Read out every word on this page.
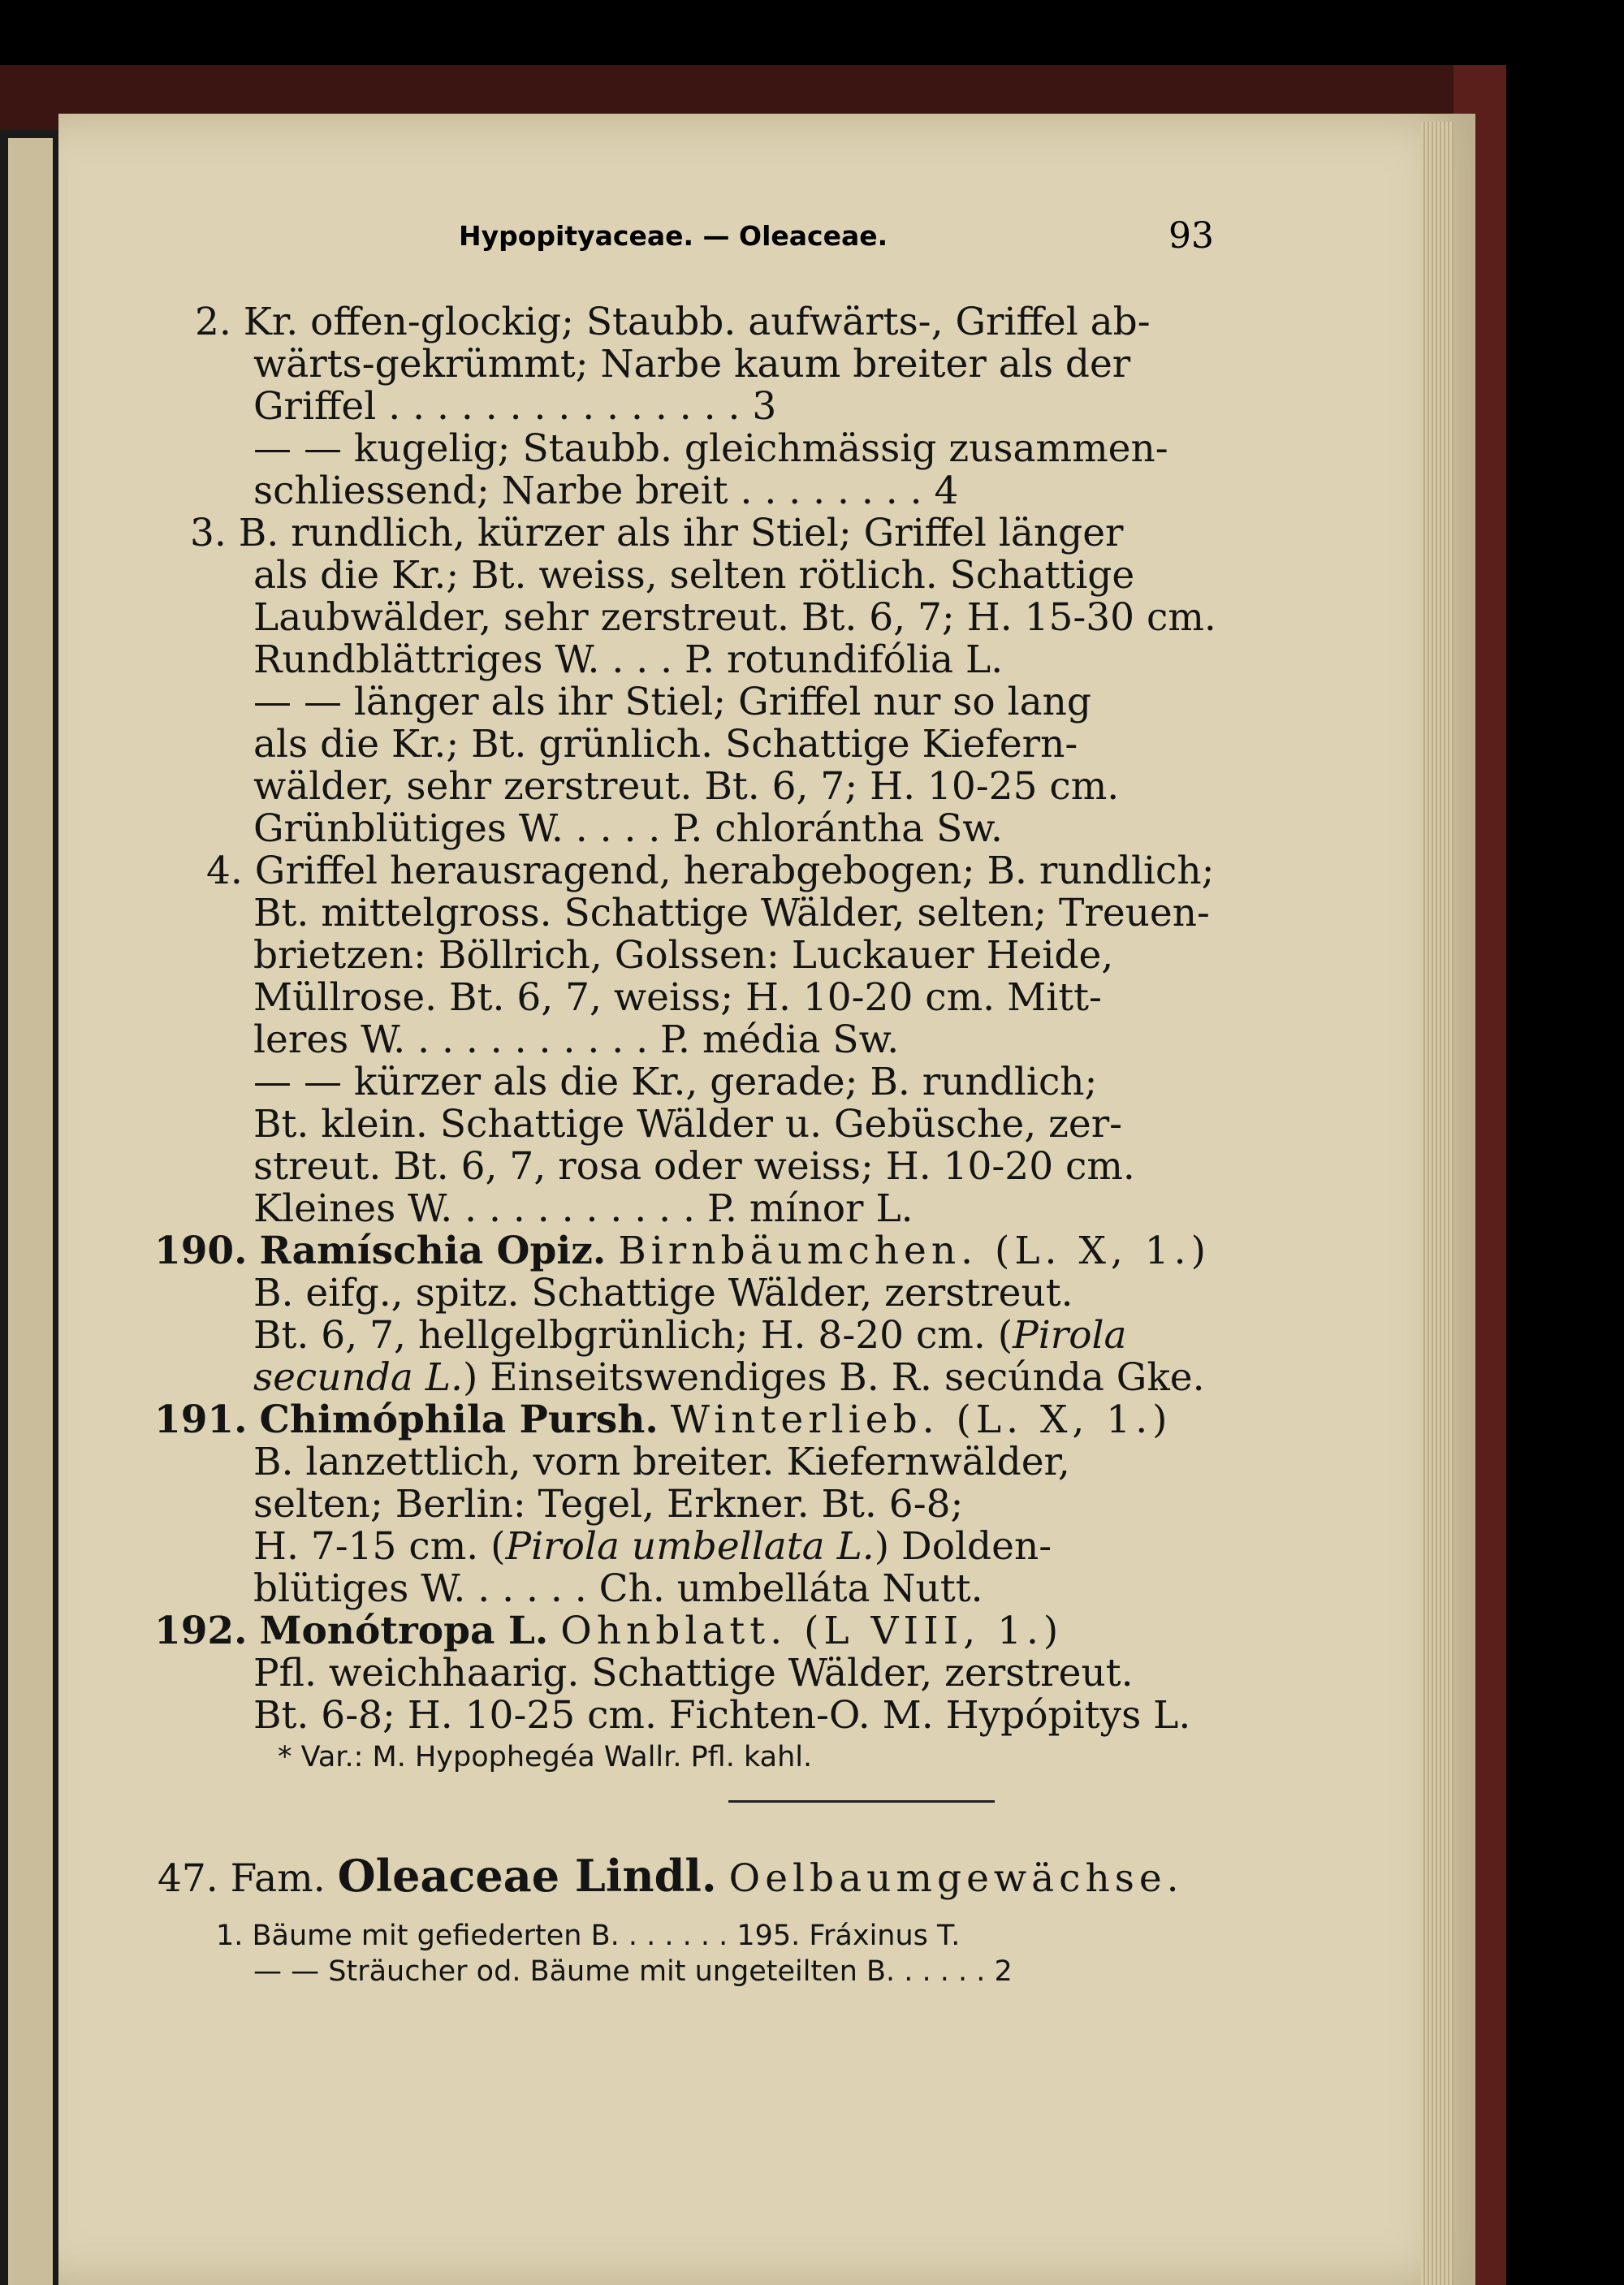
Hypopityaceae. — Oleaceae.	93
2. Kr. offen-glockig; Staubb. aufwärts-, Griffel ab-
wärts-gekrümmt; Narbe kaum breiter als der
Griffel . . . . . . . . . . . . . . . 3
— — kugelig; Staubb. gleichmässig zusammen-
schliessend; Narbe breit . . . . . . . . 4
3. B. rundlich, kürzer als ihr Stiel; Griffel länger
als die Kr.; Bt. weiss, selten rötlich. Schattige
Laubwälder, sehr zerstreut. Bt. 6, 7; H. 15-30 cm.
Rundblättriges W. . . . P. rotundifólia L.
— — länger als ihr Stiel; Griffel nur so lang
als die Kr.; Bt. grünlich. Schattige Kiefern-
wälder, sehr zerstreut. Bt. 6, 7; H. 10-25 cm.
Grünblütiges W. . . . . P. chlorántha Sw.
4. Griffel herausragend, herabgebogen; B. rundlich;
Bt. mittelgross. Schattige Wälder, selten; Treuen-
brietzen: Böllrich, Golssen: Luckauer Heide,
Müllrose. Bt. 6, 7, weiss; H. 10-20 cm. Mitt-
leres W. . . . . . . . . . . P. média Sw.
— — kürzer als die Kr., gerade; B. rundlich;
Bt. klein. Schattige Wälder u. Gebüsche, zer-
streut. Bt. 6, 7, rosa oder weiss; H. 10-20 cm.
Kleines W. . . . . . . . . . . P. mínor L.
190. Ramíschia Opiz. Birnbäumchen. (L. X, 1.)
B. eifg., spitz. Schattige Wälder, zerstreut.
Bt. 6, 7, hellgelbgrünlich; H. 8-20 cm. (Pirola
secunda L.) Einseitswendiges B. R. secúnda Gke.
191. Chimóphila Pursh. Winterlieb. (L. X, 1.)
B. lanzettlich, vorn breiter. Kiefernwälder,
selten; Berlin: Tegel, Erkner. Bt. 6-8;
H. 7-15 cm. (Pirola umbellata L.) Dolden-
blütiges W. . . . . . Ch. umbelláta Nutt.
192. Monótropa L. Ohnblatt. (L VIII, 1.)
Pfl. weichhaarig. Schattige Wälder, zerstreut.
Bt. 6-8; H. 10-25 cm. Fichten-O. M. Hypópitys L.
* Var.: M. Hypophegéa Wallr. Pfl. kahl.
47. Fam. Oleaceae Lindl. Oelbaumgewächse.
1. Bäume mit gefiederten B. . . . . . . 195. Fráxinus T.
— — Sträucher od. Bäume mit ungeteilten B. . . . . . 2
